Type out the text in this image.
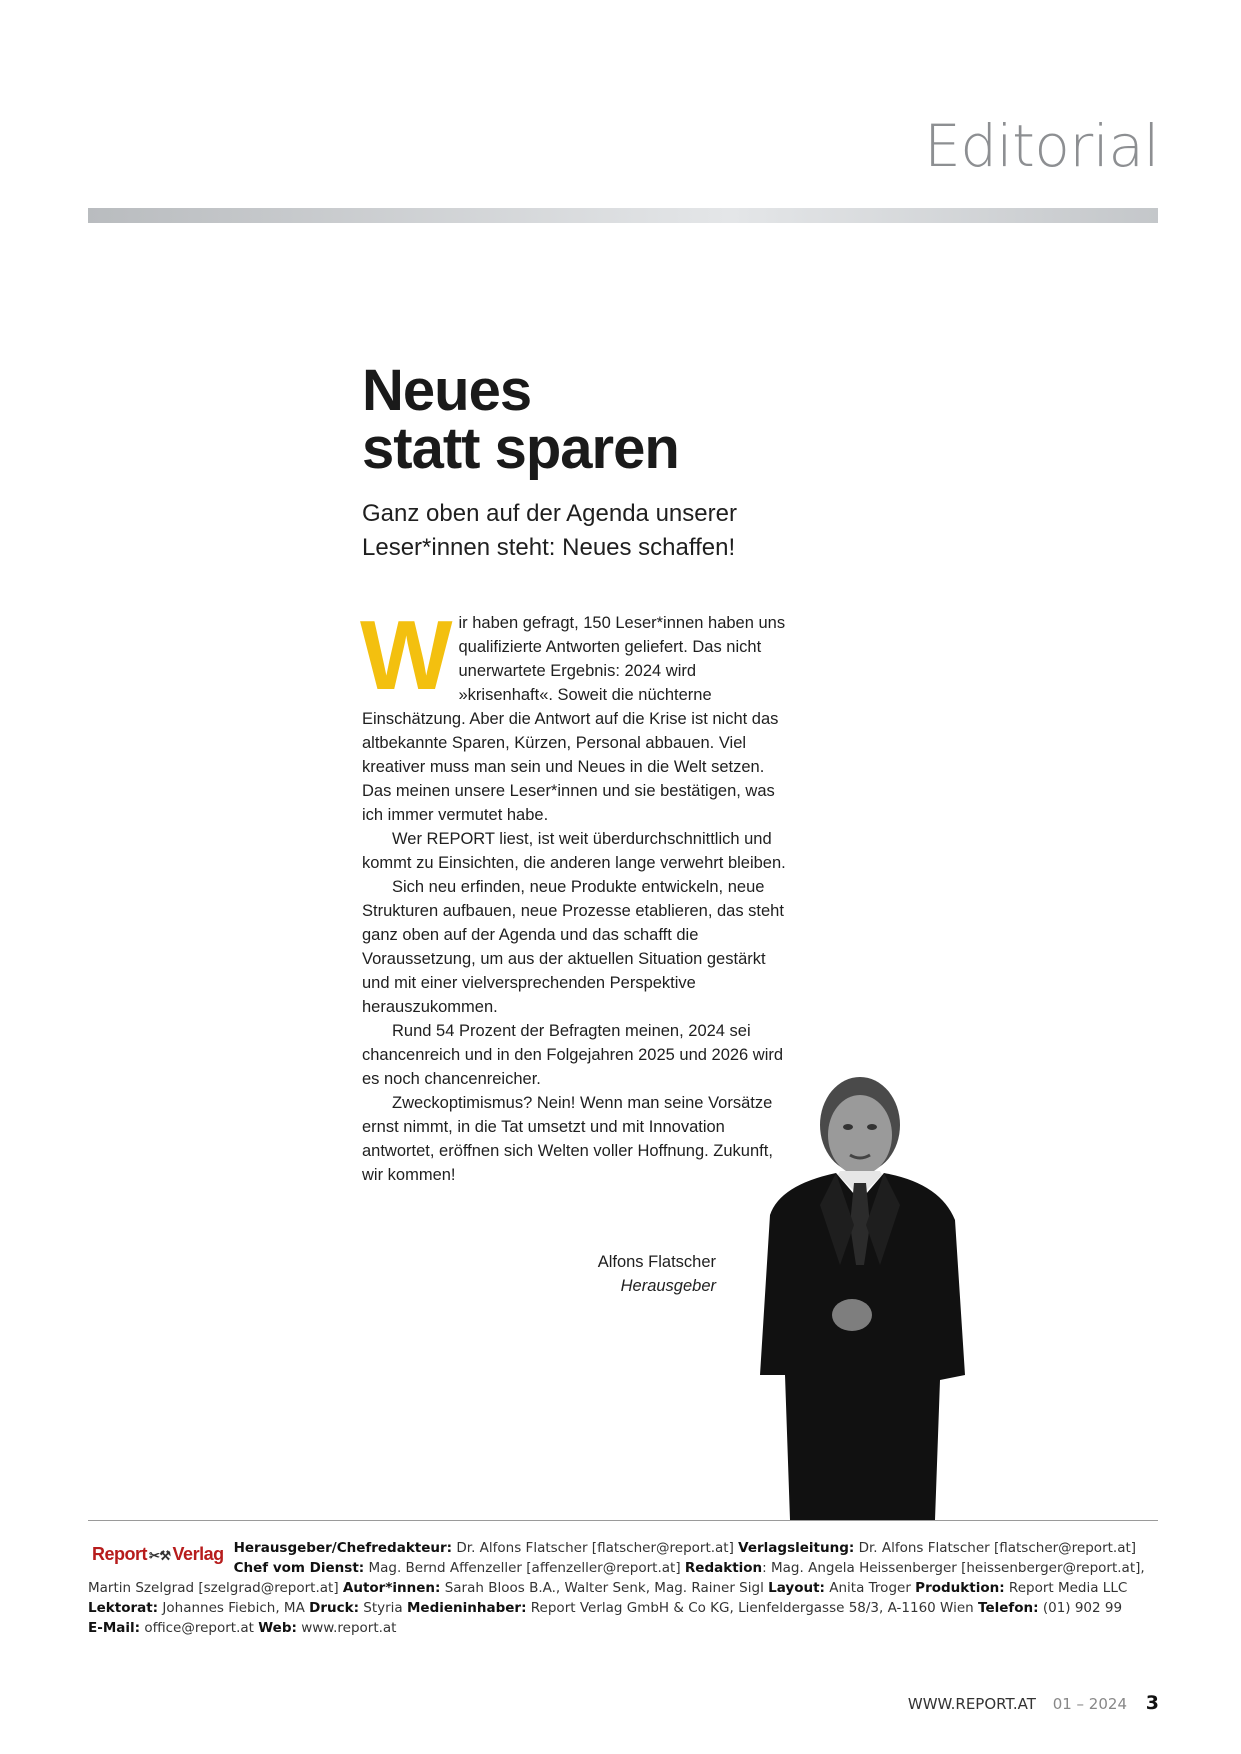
Editorial
Neues
statt sparen
Ganz oben auf der Agenda unserer
Leser*innen steht: Neues schaffen!

Wir haben gefragt, 150 Leser*innen haben uns qualifizierte Antworten geliefert. Das nicht unerwartete Ergebnis: 2024 wird »krisenhaft«. Soweit die nüchterne Einschätzung. Aber die Antwort auf die Krise ist nicht das altbekannte Sparen, Kürzen, Personal abbauen. Viel kreativer muss man sein und Neues in die Welt setzen. Das meinen unsere Leser*innen und sie bestätigen, was ich immer vermutet habe.

Wer REPORT liest, ist weit überdurchschnittlich und kommt zu Einsichten, die anderen lange verwehrt bleiben.

Sich neu erfinden, neue Produkte entwickeln, neue Strukturen aufbauen, neue Prozesse etablieren, das steht ganz oben auf der Agenda und das schafft die Voraussetzung, um aus der aktuellen Situation gestärkt und mit einer vielversprechenden Perspektive herauszukommen.

Rund 54 Prozent der Befragten meinen, 2024 sei chancenreich und in den Folgejahren 2025 und 2026 wird es noch chancenreicher.

Zweckoptimismus? Nein! Wenn man seine Vorsätze ernst nimmt, in die Tat umsetzt und mit Innovation antwortet, eröffnen sich Welten voller Hoffnung. Zukunft, wir kommen!

Alfons Flatscher
Herausgeber
Report ✂⚒ Verlag Herausgeber/Chefredakteur: Dr. Alfons Flatscher [flatscher@report.at] Verlagsleitung: Dr. Alfons Flatscher [flatscher@report.at]
Chef vom Dienst: Mag. Bernd Affenzeller [affenzeller@report.at] Redaktion: Mag. Angela Heissenberger [heissenberger@report.at], Martin Szelgrad [szelgrad@report.at] Autor*innen: Sarah Bloos B.A., Walter Senk, Mag. Rainer Sigl Layout: Anita Troger Produktion: Report Media LLC
Lektorat: Johannes Fiebich, MA Druck: Styria Medieninhaber: Report Verlag GmbH & Co KG, Lienfeldergasse 58/3, A-1160 Wien Telefon: (01) 902 99
E-Mail: office@report.at Web: www.report.at
WWW.REPORT.AT 01 – 2024 3
